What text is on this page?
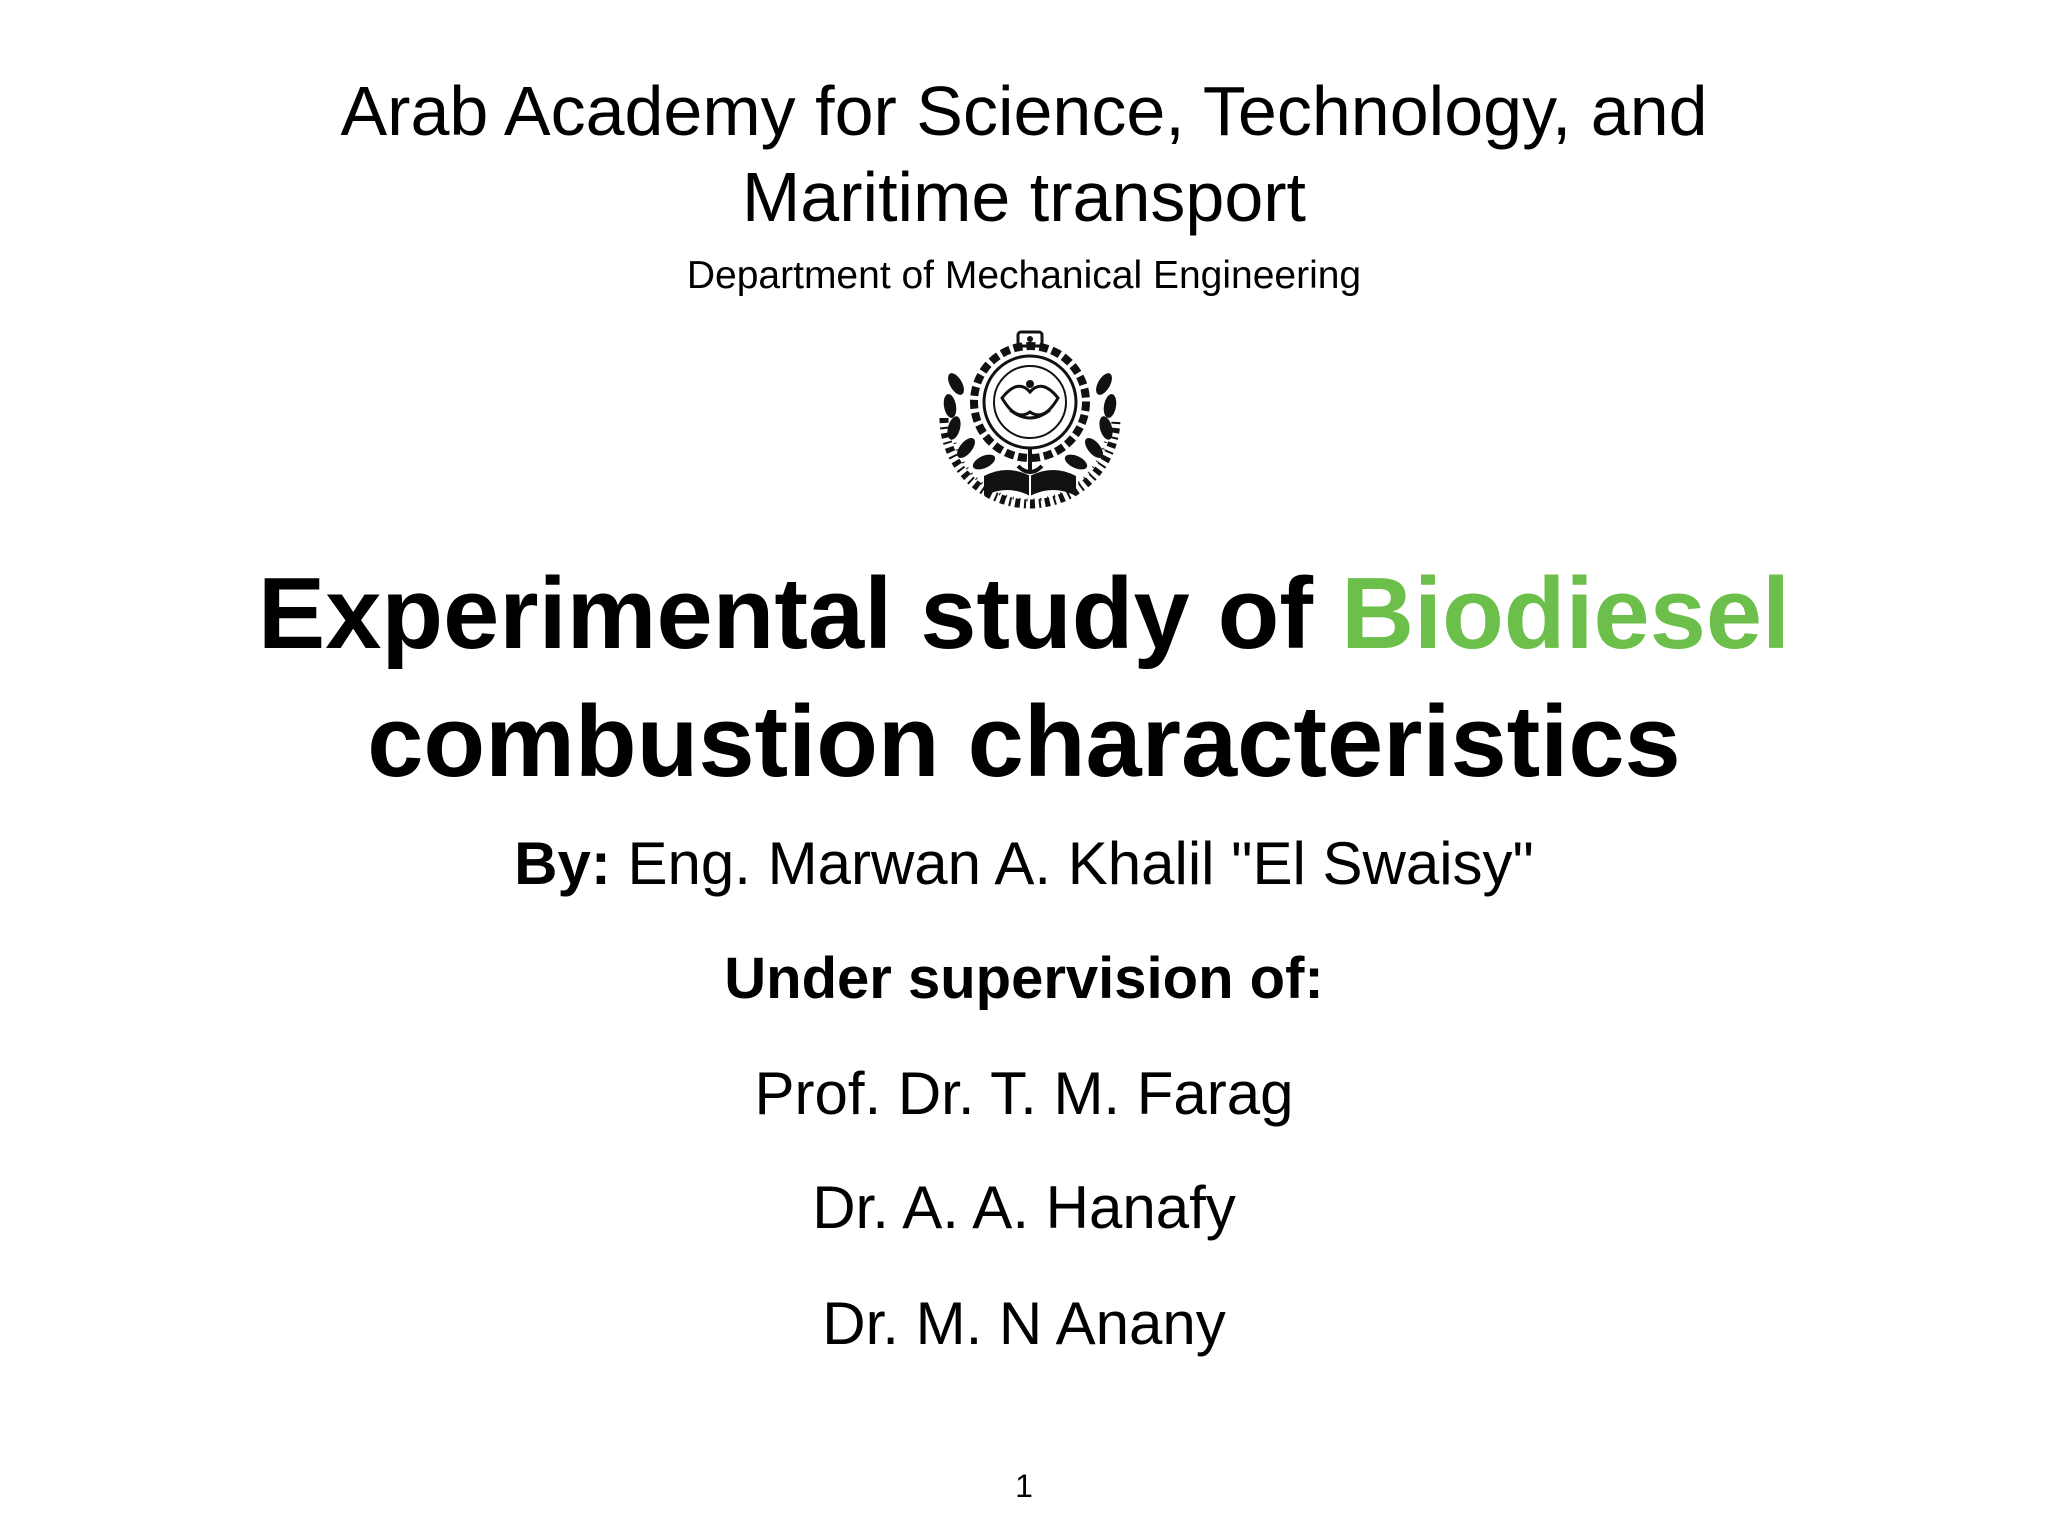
Arab Academy for Science, Technology, and
Maritime transport
Department of Mechanical Engineering
Experimental study of Biodiesel
combustion characteristics
By: Eng. Marwan A. Khalil "El Swaisy"
Under supervision of:
Prof. Dr. T. M. Farag
Dr. A. A. Hanafy
Dr. M. N Anany
1
